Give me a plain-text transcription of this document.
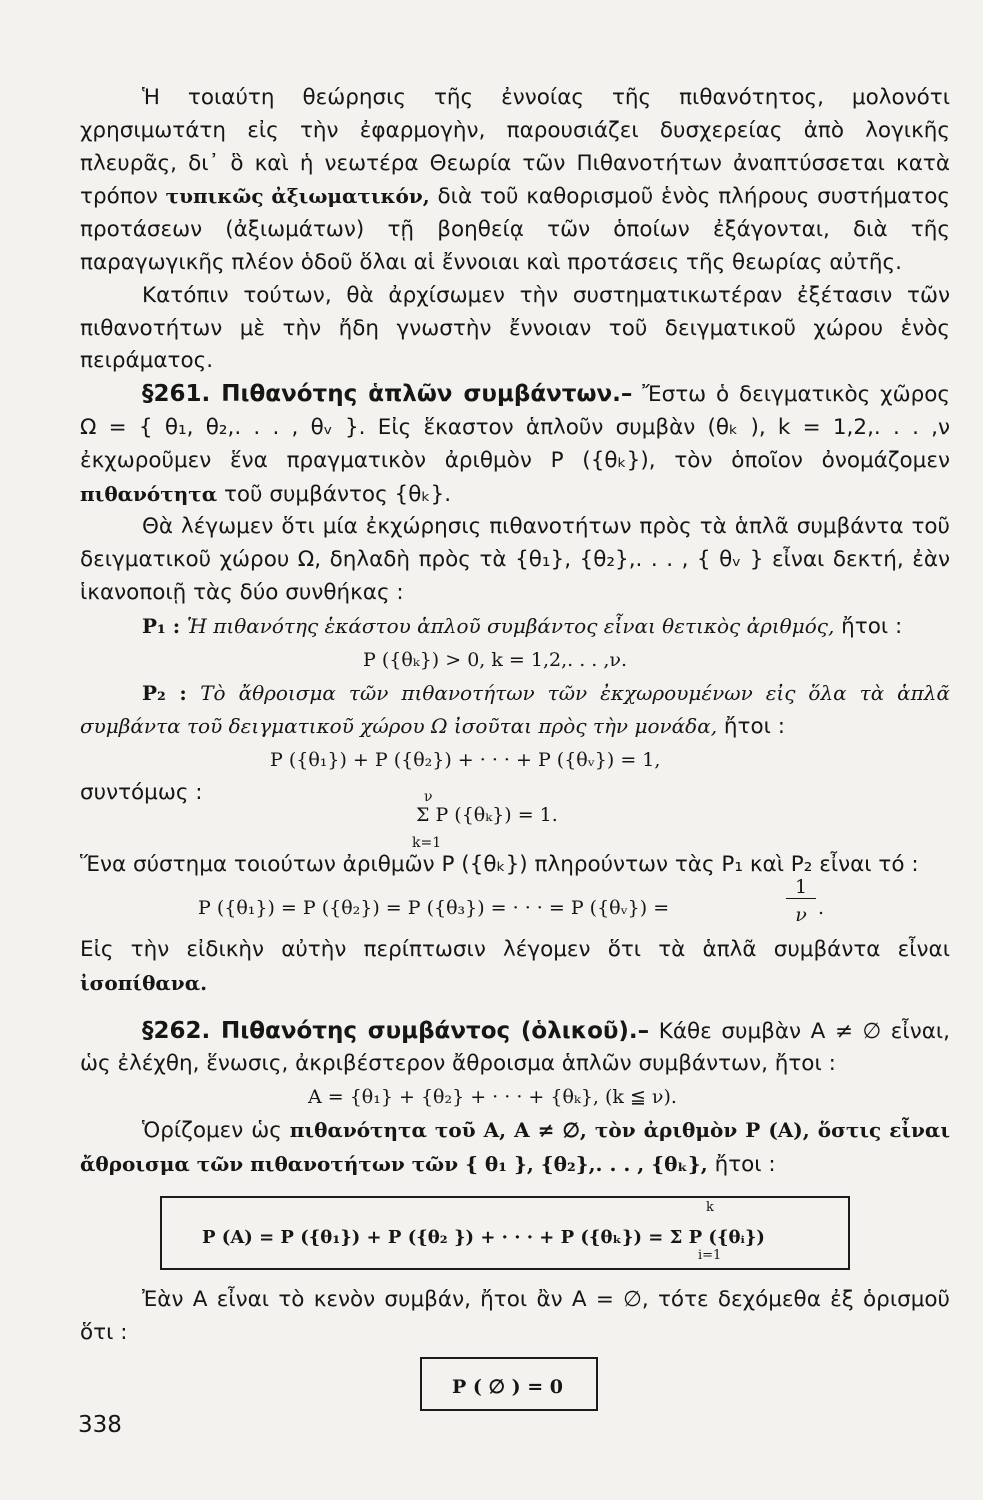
Ἡ τοιαύτη θεώρησις τῆς ἐννοίας τῆς πιθανότητος, μολονότι χρησιμωτάτη εἰς τὴν ἐφαρμογὴν, παρουσιάζει δυσχερείας ἀπὸ λογικῆς πλευρᾶς, δι᾽ ὃ καὶ ἡ νεωτέρα Θεωρία τῶν Πιθανοτήτων ἀναπτύσσεται κατὰ τρόπον τυπικῶς ἀξιωματικόν, διὰ τοῦ καθορισμοῦ ἑνὸς πλήρους συστήματος προτάσεων (ἀξιωμάτων) τῇ βοηθείᾳ τῶν ὁποίων ἐξάγονται, διὰ τῆς παραγωγικῆς πλέον ὁδοῦ ὅλαι αἱ ἔννοιαι καὶ προτάσεις τῆς θεωρίας αὐτῆς.

Κατόπιν τούτων, θὰ ἀρχίσωμεν τὴν συστηματικωτέραν ἐξέτασιν τῶν πιθανοτήτων μὲ τὴν ἤδη γνωστὴν ἔννοιαν τοῦ δειγματικοῦ χώρου ἑνὸς πειράματος.

§261. Πιθανότης ἁπλῶν συμβάντων.– Ἔστω ὁ δειγματικὸς χῶρος Ω = { θ₁, θ₂,. . . , θᵥ }. Εἰς ἕκαστον ἁπλοῦν συμβὰν (θₖ ), k = 1,2,. . . ,ν ἐκχωροῦμεν ἕνα πραγματικὸν ἀριθμὸν P ({θₖ}), τὸν ὁποῖον ὀνομάζομεν πιθανότητα τοῦ συμβάντος {θₖ}.

Θὰ λέγωμεν ὅτι μία ἐκχώρησις πιθανοτήτων πρὸς τὰ ἁπλᾶ συμβάντα τοῦ δειγματικοῦ χώρου Ω, δηλαδὴ πρὸς τὰ {θ₁}, {θ₂},. . . , { θᵥ } εἶναι δεκτή, ἐὰν ἱκανοποιῇ τὰς δύο συνθήκας :

P₁ : Ἡ πιθανότης ἑκάστου ἁπλοῦ συμβάντος εἶναι θετικὸς ἀριθμός, ἤτοι :

P ({θₖ}) > 0, k = 1,2,. . . ,ν.

P₂ : Τὸ ἄθροισμα τῶν πιθανοτήτων τῶν ἐκχωρουμένων εἰς ὅλα τὰ ἁπλᾶ συμβάντα τοῦ δειγματικοῦ χώρου Ω ἰσοῦται πρὸς τὴν μονάδα, ἤτοι :

P ({θ₁}) + P ({θ₂}) + · · · + P ({θᵥ}) = 1,
συντόμως :	ν
Σ P ({θₖ}) = 1.
k=1

Ἕνα σύστημα τοιούτων ἀριθμῶν P ({θₖ}) πληρούντων τὰς P₁ καὶ P₂ εἶναι τό :

P ({θ₁}) = P ({θ₂}) = P ({θ₃}) = · · · = P ({θᵥ}) =
1
ν .

Εἰς τὴν εἰδικὴν αὐτὴν περίπτωσιν λέγομεν ὅτι τὰ ἁπλᾶ συμβάντα εἶναι ἰσοπίθανα.

§262. Πιθανότης συμβάντος (ὁλικοῦ).– Κάθε συμβὰν A ≠ ∅ εἶναι, ὡς ἐλέχθη, ἕνωσις, ἀκριβέστερον ἄθροισμα ἁπλῶν συμβάντων, ἤτοι :

A = {θ₁} + {θ₂} + · · · + {θₖ}, (k ≦ ν).

Ὁρίζομεν ὡς πιθανότητα τοῦ A, A ≠ ∅, τὸν ἀριθμὸν P (A), ὅστις εἶναι ἄθροισμα τῶν πιθανοτήτων τῶν { θ₁ }, {θ₂},. . . , {θₖ}, ἤτοι :

P (A) = P ({θ₁}) + P ({θ₂ }) + · · · + P ({θₖ}) = Σ P ({θᵢ})
k
i=1

Ἐὰν A εἶναι τὸ κενὸν συμβάν, ἤτοι ἂν A = ∅, τότε δεχόμεθα ἐξ ὁρισμοῦ ὅτι :

P ( ∅ ) = 0
338
